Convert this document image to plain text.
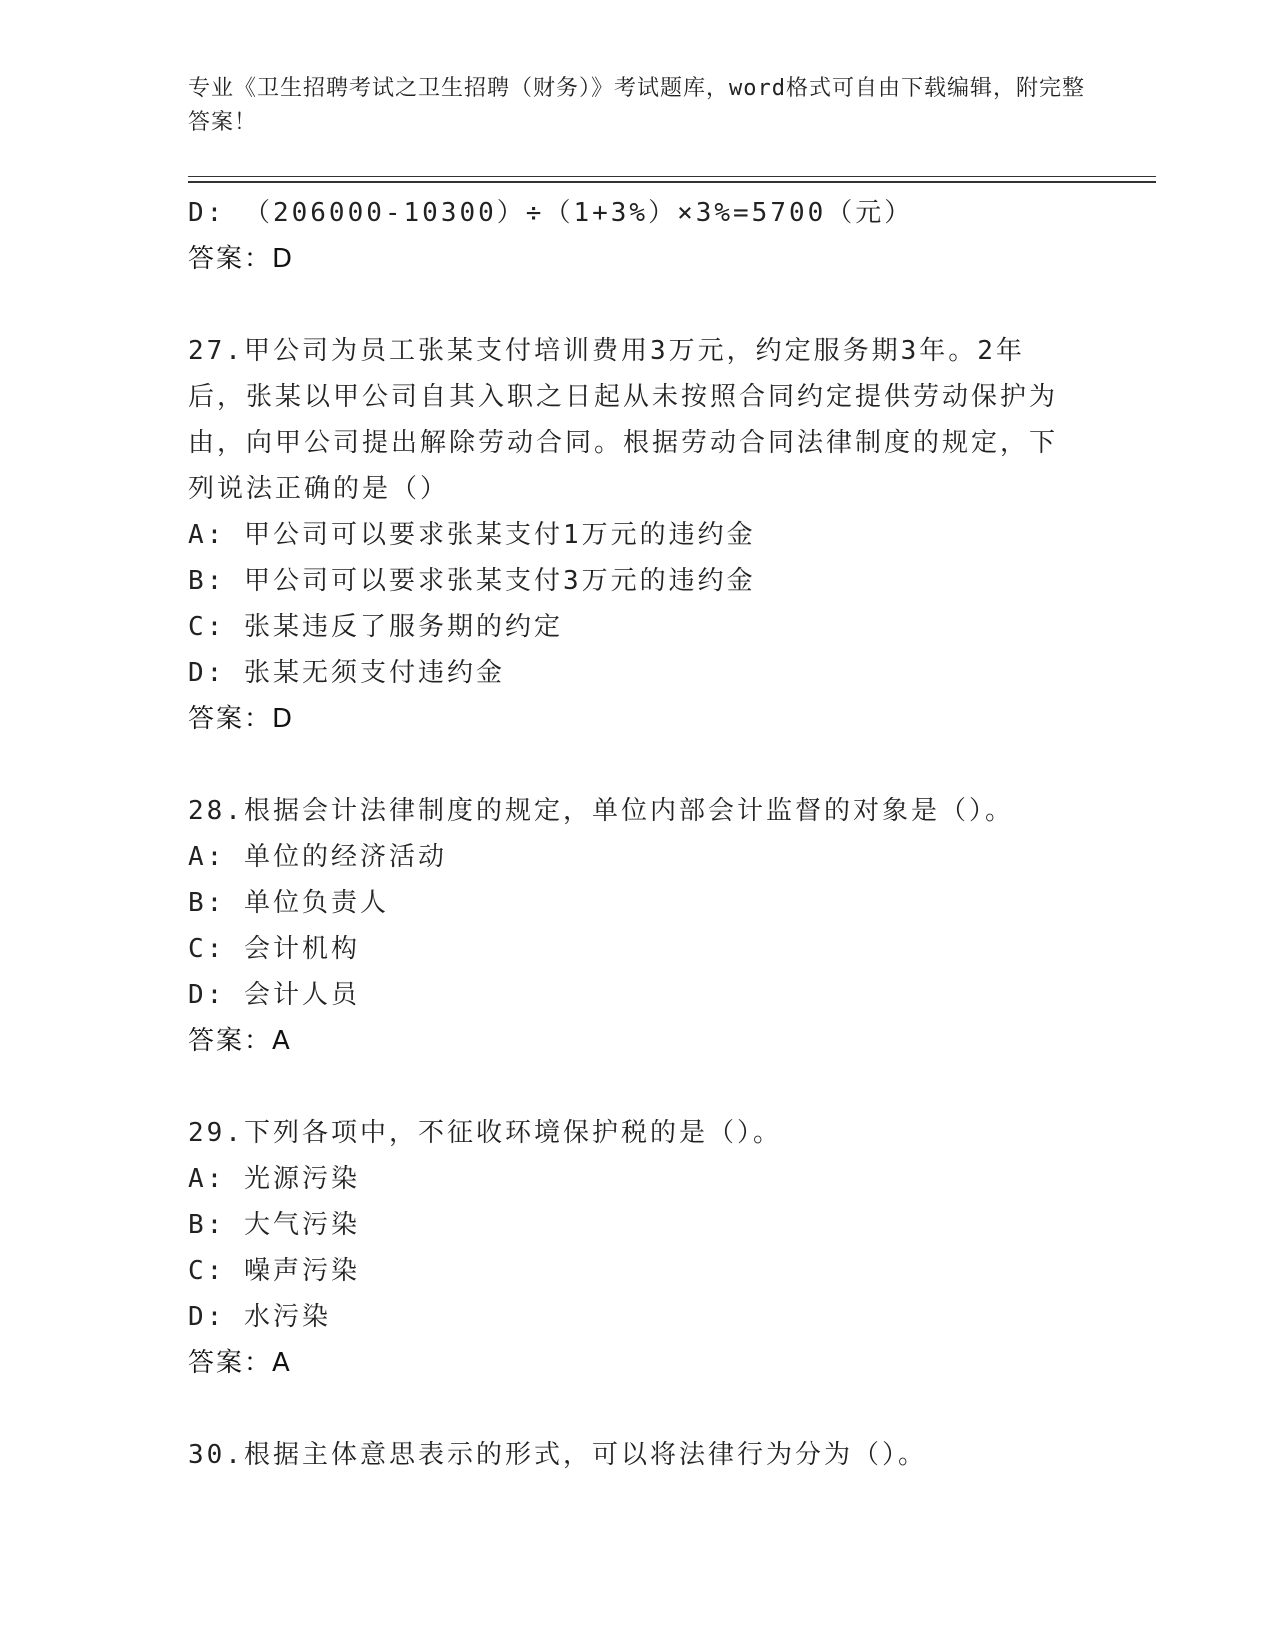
专业《卫生招聘考试之卫生招聘（财务）》考试题库，word格式可自由下载编辑，附完整答案！
D: （206000-10300）÷（1+3%）×3%=5700（元）
答案：D
27.甲公司为员工张某支付培训费用3万元，约定服务期3年。2年后，张某以甲公司自其入职之日起从未按照合同约定提供劳动保护为由，向甲公司提出解除劳动合同。根据劳动合同法律制度的规定，下列说法正确的是（）
A: 甲公司可以要求张某支付1万元的违约金
B: 甲公司可以要求张某支付3万元的违约金
C: 张某违反了服务期的约定
D: 张某无须支付违约金
答案：D
28.根据会计法律制度的规定，单位内部会计监督的对象是（）。
A: 单位的经济活动
B: 单位负责人
C: 会计机构
D: 会计人员
答案：A
29.下列各项中，不征收环境保护税的是（）。
A: 光源污染
B: 大气污染
C: 噪声污染
D: 水污染
答案：A
30.根据主体意思表示的形式，可以将法律行为分为（）。
